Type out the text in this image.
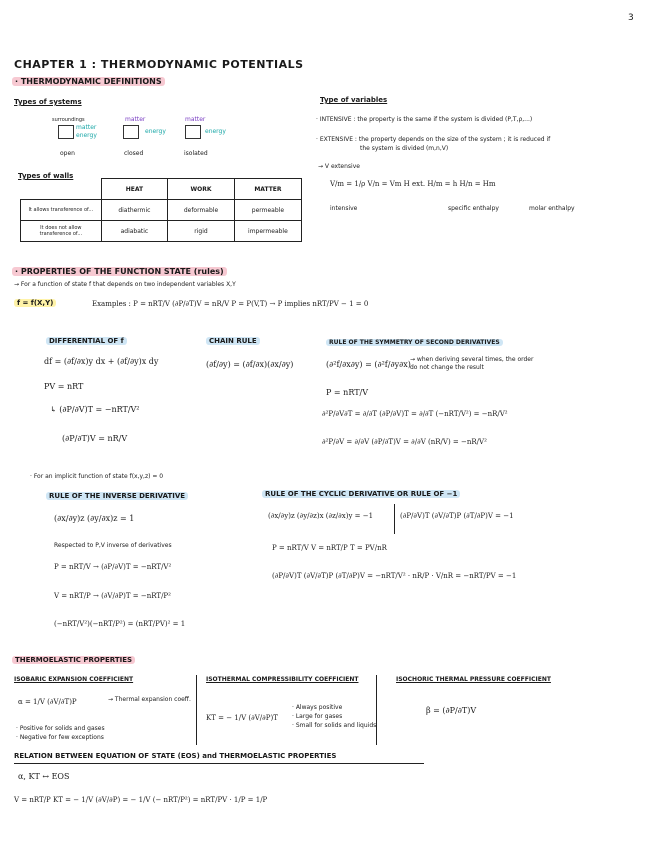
3
CHAPTER 1 : THERMODYNAMIC POTENTIALS
· THERMODYNAMIC DEFINITIONS
Types of systems
surroundings
matter
energy
matter
energy
matter
energy
open	closed	isolated
Types of walls
	HEAT	WORK	MATTER
It allows transference of...	diathermic	deformable	permeable
It does not allow transference of...	adiabatic	rigid	impermeable
Type of variables
· INTENSIVE : the property is the same if the system is divided (P,T,ρ,...)
· EXTENSIVE : the property depends on the size of the system ; it is reduced if
the system is divided (m,n,V)
→ V extensive
V/m = 1/ρ V/n = Vm H ext. H/m = h H/n = Hm
intensive	specific enthalpy	molar enthalpy
· PROPERTIES OF THE FUNCTION STATE (rules)
→ For a function of state f that depends on two independent variables X,Y
f = f(X,Y)	Examples : P = nRT/V (∂P/∂T)V = nR/V P = P(V,T) → P implies nRT/PV − 1 = 0
DIFFERENTIAL OF f
df = (∂f/∂x)y dx + (∂f/∂y)x dy
PV = nRT
↳ (∂P/∂V)T = −nRT/V²
(∂P/∂T)V = nR/V
CHAIN RULE
(∂f/∂y) = (∂f/∂x)(∂x/∂y)
RULE OF THE SYMMETRY OF SECOND DERIVATIVES
(∂²f/∂x∂y) = (∂²f/∂y∂x)
→ when deriving several times, the order do not change the result
P = nRT/V
∂²P/∂V∂T = ∂/∂T (∂P/∂V)T = ∂/∂T (−nRT/V²) = −nR/V²
∂²P/∂V = ∂/∂V (∂P/∂T)V = ∂/∂V (nR/V) = −nR/V²
· For an implicit function of state f(x,y,z) = 0
RULE OF THE INVERSE DERIVATIVE
(∂x/∂y)z (∂y/∂x)z = 1
Respected to P,V inverse of derivatives
P = nRT/V → (∂P/∂V)T = −nRT/V²
V = nRT/P → (∂V/∂P)T = −nRT/P²
(−nRT/V²)(−nRT/P²) = (nRT/PV)² = 1
RULE OF THE CYCLIC DERIVATIVE OR RULE OF −1
(∂x/∂y)z (∂y/∂z)x (∂z/∂x)y = −1	(∂P/∂V)T (∂V/∂T)P (∂T/∂P)V = −1
P = nRT/V V = nRT/P T = PV/nR
(∂P/∂V)T (∂V/∂T)P (∂T/∂P)V = −nRT/V² · nR/P · V/nR = −nRT/PV = −1
THERMOELASTIC PROPERTIES
ISOBARIC EXPANSION COEFFICIENT
α = 1/V (∂V/∂T)P	→ Thermal expansion coeff.
· Positive for solids and gases
· Negative for few exceptions
ISOTHERMAL COMPRESSIBILITY COEFFICIENT
KT = − 1/V (∂V/∂P)T
· Always positive
· Large for gases
· Small for solids and liquids
ISOCHORIC THERMAL PRESSURE COEFFICIENT
β = (∂P/∂T)V
RELATION BETWEEN EQUATION OF STATE (EOS) and THERMOELASTIC PROPERTIES
α, KT ↔ EOS
V = nRT/P KT = − 1/V (∂V/∂P) = − 1/V (− nRT/P²) = nRT/PV · 1/P = 1/P
